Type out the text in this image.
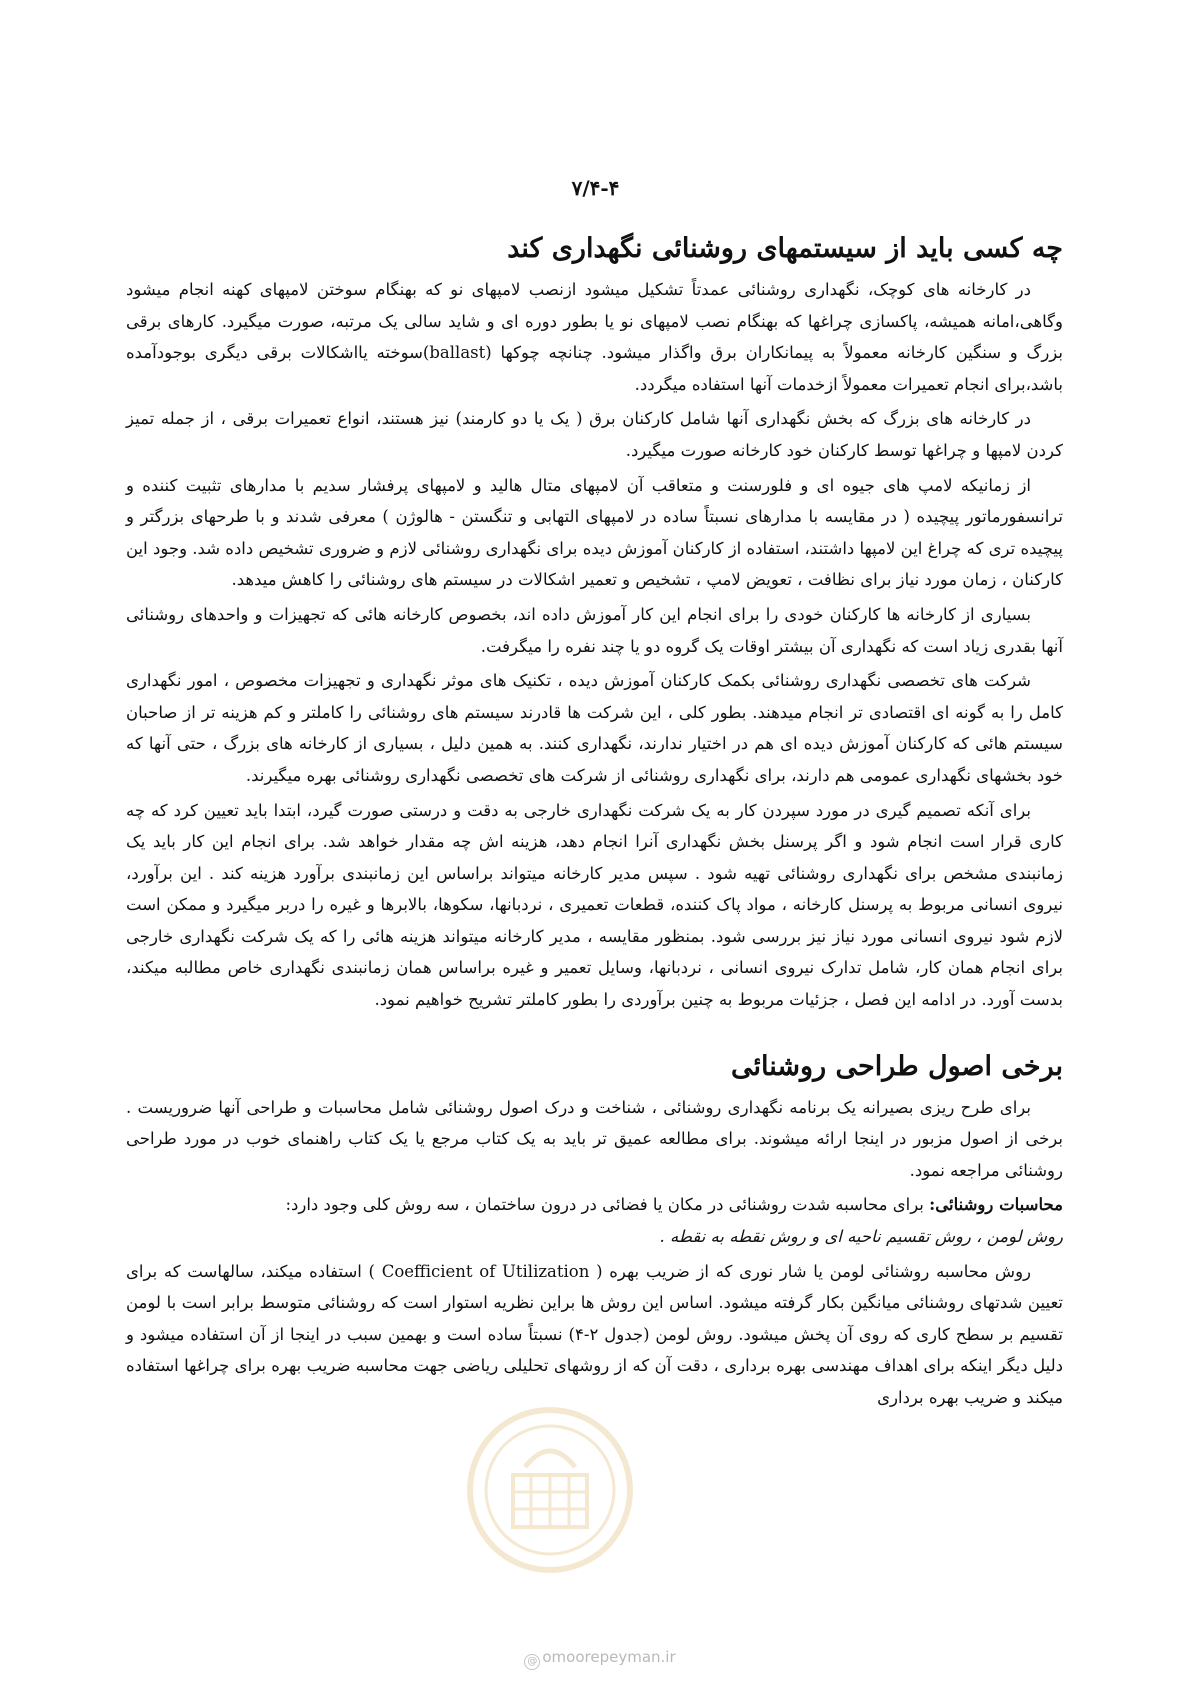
۷/۴-۴
چه کسی باید از سیستمهای روشنائی نگهداری کند

در کارخانه های کوچک، نگهداری روشنائی عمدتاً تشکیل میشود ازنصب لامپهای نو که بهنگام سوختن لامپهای کهنه انجام میشود وگاهی،امانه همیشه، پاکسازی چراغها که بهنگام نصب لامپهای نو یا بطور دوره ای و شاید سالی یک مرتبه، صورت میگیرد. کارهای برقی بزرگ و سنگین کارخانه معمولاً به پیمانکاران برق واگذار میشود. چنانچه چوکها (ballast)سوخته یااشکالات برقی دیگری بوجودآمده باشد،برای انجام تعمیرات معمولاً ازخدمات آنها استفاده میگردد.

در کارخانه های بزرگ که بخش نگهداری آنها شامل کارکنان برق ( یک یا دو کارمند) نیز هستند، انواع تعمیرات برقی ، از جمله تمیز کردن لامپها و چراغها توسط کارکنان خود کارخانه صورت میگیرد.

از زمانیکه لامپ های جیوه ای و فلورسنت و متعاقب آن لامپهای متال هالید و لامپهای پرفشار سدیم با مدارهای تثبیت کننده و ترانسفورماتور پیچیده ( در مقایسه با مدارهای نسبتاً ساده در لامپهای التهابی و تنگستن - هالوژن ) معرفی شدند و با طرحهای بزرگتر و پیچیده تری که چراغ این لامپها داشتند، استفاده از کارکنان آموزش دیده برای نگهداری روشنائی لازم و ضروری تشخیص داده شد. وجود این کارکنان ، زمان مورد نیاز برای نظافت ، تعویض لامپ ، تشخیص و تعمیر اشکالات در سیستم های روشنائی را کاهش میدهد.

بسیاری از کارخانه ها کارکنان خودی را برای انجام این کار آموزش داده اند، بخصوص کارخانه هائی که تجهیزات و واحدهای روشنائی آنها بقدری زیاد است که نگهداری آن بیشتر اوقات یک گروه دو یا چند نفره را میگرفت.

شرکت های تخصصی نگهداری روشنائی بکمک کارکنان آموزش دیده ، تکنیک های موثر نگهداری و تجهیزات مخصوص ، امور نگهداری کامل را به گونه ای اقتصادی تر انجام میدهند. بطور کلی ، این شرکت ها قادرند سیستم های روشنائی را کاملتر و کم هزینه تر از صاحبان سیستم هائی که کارکنان آموزش دیده ای هم در اختیار ندارند، نگهداری کنند. به همین دلیل ، بسیاری از کارخانه های بزرگ ، حتی آنها که خود بخشهای نگهداری عمومی هم دارند، برای نگهداری روشنائی از شرکت های تخصصی نگهداری روشنائی بهره میگیرند.

برای آنکه تصمیم گیری در مورد سپردن کار به یک شرکت نگهداری خارجی به دقت و درستی صورت گیرد، ابتدا باید تعیین کرد که چه کاری قرار است انجام شود و اگر پرسنل بخش نگهداری آنرا انجام دهد، هزینه اش چه مقدار خواهد شد. برای انجام این کار باید یک زمانبندی مشخص برای نگهداری روشنائی تهیه شود . سپس مدیر کارخانه میتواند براساس این زمانبندی برآورد هزینه کند . این برآورد، نیروی انسانی مربوط به پرسنل کارخانه ، مواد پاک کننده، قطعات تعمیری ، نردبانها، سکوها، بالابرها و غیره را دربر میگیرد و ممکن است لازم شود نیروی انسانی مورد نیاز نیز بررسی شود. بمنظور مقایسه ، مدیر کارخانه میتواند هزینه هائی را که یک شرکت نگهداری خارجی برای انجام همان کار، شامل تدارک نیروی انسانی ، نردبانها، وسایل تعمیر و غیره براساس همان زمانبندی نگهداری خاص مطالبه میکند، بدست آورد. در ادامه این فصل ، جزئیات مربوط به چنین برآوردی را بطور کاملتر تشریح خواهیم نمود.

برخی اصول طراحی روشنائی

برای طرح ریزی بصیرانه یک برنامه نگهداری روشنائی ، شناخت و درک اصول روشنائی شامل محاسبات و طراحی آنها ضروریست . برخی از اصول مزبور در اینجا ارائه میشوند. برای مطالعه عمیق تر باید به یک کتاب مرجع یا یک کتاب راهنمای خوب در مورد طراحی روشنائی مراجعه نمود.

محاسبات روشنائی: برای محاسبه شدت روشنائی در مکان یا فضائی در درون ساختمان ، سه روش کلی وجود دارد:

روش لومن ، روش تقسیم ناحیه ای و روش نقطه به نقطه .

روش محاسبه روشنائی لومن یا شار نوری که از ضریب بهره ( Coefficient of Utilization ) استفاده میکند، سالهاست که برای تعیین شدتهای روشنائی میانگین بکار گرفته میشود. اساس این روش ها براین نظریه استوار است که روشنائی متوسط برابر است با لومن تقسیم بر سطح کاری که روی آن پخش میشود. روش لومن (جدول ۲-۴) نسبتاً ساده است و بهمین سبب در اینجا از آن استفاده میشود و دلیل دیگر اینکه برای اهداف مهندسی بهره برداری ، دقت آن که از روشهای تحلیلی ریاضی جهت محاسبه ضریب بهره برای چراغها استفاده میکند و ضریب بهره برداری

@ omoorepeyman.ir
